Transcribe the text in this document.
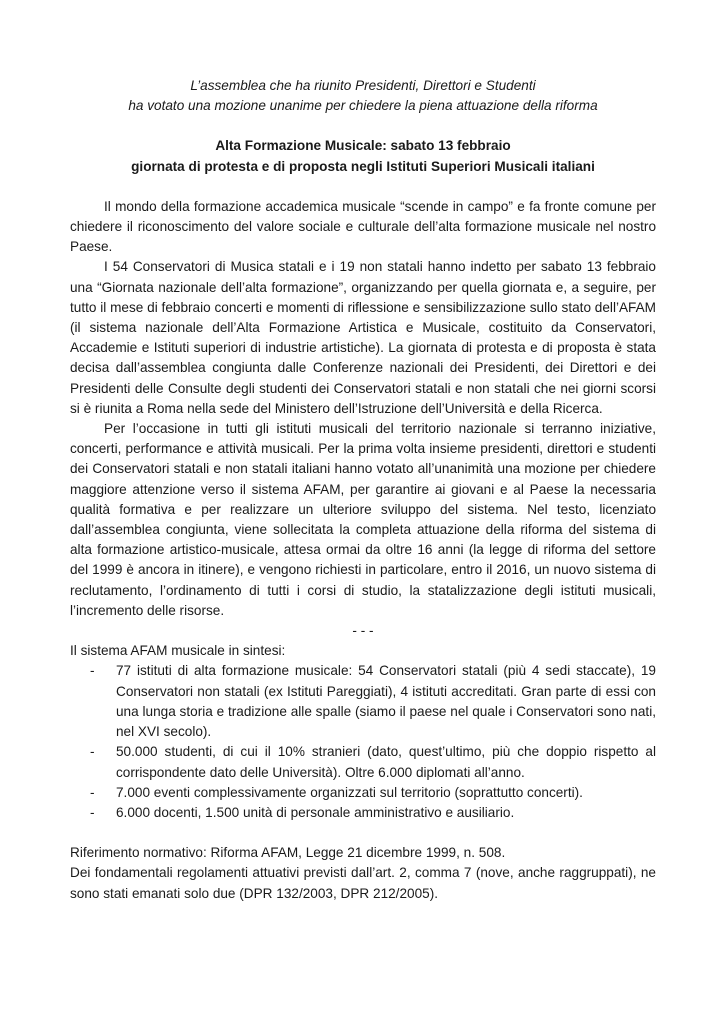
L’assemblea che ha riunito Presidenti, Direttori e Studenti

ha votato una mozione unanime per chiedere la piena attuazione della riforma

Alta Formazione Musicale: sabato 13 febbraio

giornata di protesta e di proposta negli Istituti Superiori Musicali italiani

Il mondo della formazione accademica musicale “scende in campo” e fa fronte comune per chiedere il riconoscimento del valore sociale e culturale dell’alta formazione musicale nel nostro Paese.

I 54 Conservatori di Musica statali e i 19 non statali hanno indetto per sabato 13 febbraio una “Giornata nazionale dell’alta formazione”, organizzando per quella giornata e, a seguire, per tutto il mese di febbraio concerti e momenti di riflessione e sensibilizzazione sullo stato dell’AFAM (il sistema nazionale dell’Alta Formazione Artistica e Musicale, costituito da Conservatori, Accademie e Istituti superiori di industrie artistiche). La giornata di protesta e di proposta è stata decisa dall’assemblea congiunta dalle Conferenze nazionali dei Presidenti, dei Direttori e dei Presidenti delle Consulte degli studenti dei Conservatori statali e non statali che nei giorni scorsi si è riunita a Roma nella sede del Ministero dell’Istruzione dell’Università e della Ricerca.

Per l’occasione in tutti gli istituti musicali del territorio nazionale si terranno iniziative, concerti, performance e attività musicali. Per la prima volta insieme presidenti, direttori e studenti dei Conservatori statali e non statali italiani hanno votato all’unanimità una mozione per chiedere maggiore attenzione verso il sistema AFAM, per garantire ai giovani e al Paese la necessaria qualità formativa e per realizzare un ulteriore sviluppo del sistema. Nel testo, licenziato dall’assemblea congiunta, viene sollecitata la completa attuazione della riforma del sistema di alta formazione artistico-musicale, attesa ormai da oltre 16 anni (la legge di riforma del settore del 1999 è ancora in itinere), e vengono richiesti in particolare, entro il 2016, un nuovo sistema di reclutamento, l’ordinamento di tutti i corsi di studio, la statalizzazione degli istituti musicali, l’incremento delle risorse.

- - -

Il sistema AFAM musicale in sintesi:

- 77 istituti di alta formazione musicale: 54 Conservatori statali (più 4 sedi staccate), 19 Conservatori non statali (ex Istituti Pareggiati), 4 istituti accreditati. Gran parte di essi con una lunga storia e tradizione alle spalle (siamo il paese nel quale i Conservatori sono nati, nel XVI secolo).
- 50.000 studenti, di cui il 10% stranieri (dato, quest’ultimo, più che doppio rispetto al corrispondente dato delle Università). Oltre 6.000 diplomati all’anno.
- 7.000 eventi complessivamente organizzati sul territorio (soprattutto concerti).
- 6.000 docenti, 1.500 unità di personale amministrativo e ausiliario.

Riferimento normativo: Riforma AFAM, Legge 21 dicembre 1999, n. 508.

Dei fondamentali regolamenti attuativi previsti dall’art. 2, comma 7 (nove, anche raggruppati), ne sono stati emanati solo due (DPR 132/2003, DPR 212/2005).
